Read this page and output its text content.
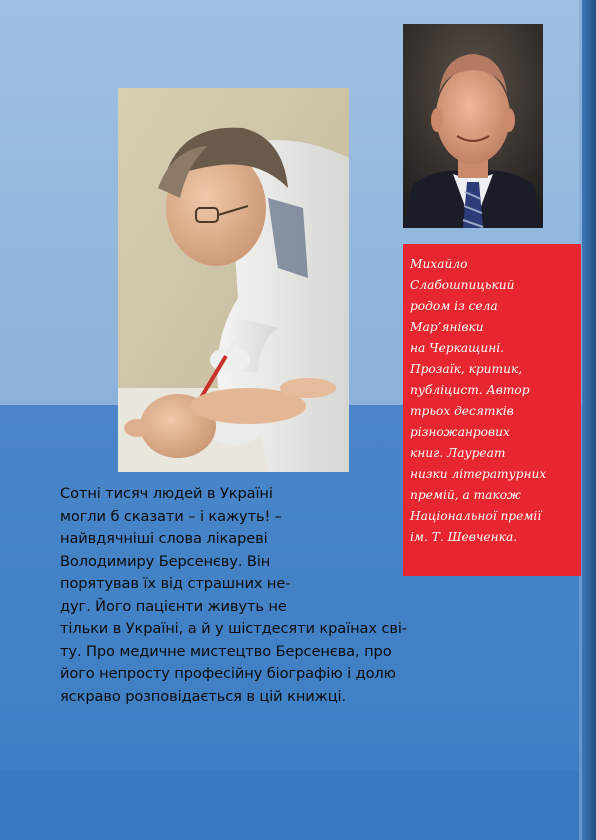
Михайло
Слабошпицький
родом із села
Мар’янівки
на Черкащині.
Прозаїк, критик,
публіцист. Автор
трьох десятків
різножанрових
книг. Лауреат
низки літературних
премій, а також
Національної премії
ім. Т. Шевченка.
Сотні тисяч людей в Україні
могли б сказати – і кажуть! –
найвдячніші слова лікареві
Володимиру Берсенєву. Він
порятував їх від страшних не-
дуг. Його пацієнти живуть не
тільки в Україні, а й у шістдесяти країнах сві-
ту. Про медичне мистецтво Берсенєва, про
його непросту професійну біографію і долю
яскраво розповідається в цій книжці.
